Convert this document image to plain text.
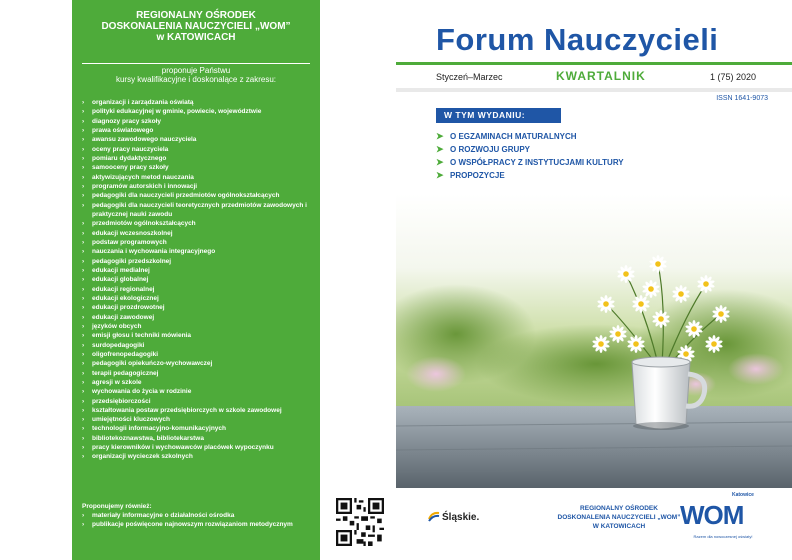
REGIONALNY OŚRODEK
DOSKONALENIA NAUCZYCIELI „WOM”
w KATOWICACH
proponuje Państwu
kursy kwalifikacyjne i doskonalące z zakresu:
› organizacji i zarządzania oświatą
› polityki edukacyjnej w gminie, powiecie, województwie
› diagnozy pracy szkoły
› prawa oświatowego
› awansu zawodowego nauczyciela
› oceny pracy nauczyciela
› pomiaru dydaktycznego
› samooceny pracy szkoły
› aktywizujących metod nauczania
› programów autorskich i innowacji
› pedagogiki dla nauczycieli przedmiotów ogólnokształcących
› pedagogiki dla nauczycieli teoretycznych przedmiotów zawodowych i praktycznej nauki zawodu
› przedmiotów ogólnokształcących
› edukacji wczesnoszkolnej
› podstaw programowych
› nauczania i wychowania integracyjnego
› pedagogiki przedszkolnej
› edukacji medialnej
› edukacji globalnej
› edukacji regionalnej
› edukacji ekologicznej
› edukacji prozdrowotnej
› edukacji zawodowej
› języków obcych
› emisji głosu i techniki mówienia
› surdopedagogiki
› oligofrenopedagogiki
› pedagogiki opiekuńczo-wychowawczej
› terapii pedagogicznej
› agresji w szkole
› wychowania do życia w rodzinie
› przedsiębiorczości
› kształtowania postaw przedsiębiorczych w szkole zawodowej
› umiejętności kluczowych
› technologii informacyjno-komunikacyjnych
› bibliotekoznawstwa, bibliotekarstwa
› pracy kierowników i wychowawców placówek wypoczynku
› organizacji wycieczek szkolnych
Proponujemy również:
› materiały informacyjne o działalności ośrodka
› publikacje poświęcone najnowszym rozwiązaniom metodycznym
Forum Nauczycieli
Styczeń–Marzec	KWARTALNIK	1 (75) 2020
ISSN 1641-9073
W TYM WYDANIU:
➤ O EGZAMINACH MATURALNYCH
➤ O ROZWOJU GRUPY
➤ O WSPÓŁPRACY Z INSTYTUCJAMI KULTURY
➤ PROPOZYCJE
Śląskie.
REGIONALNY OŚRODEK
DOSKONALENIA NAUCZYCIELI „WOM”
W KATOWICACH
Katowice
WOM
Razem dla nowoczesnej oświaty!
